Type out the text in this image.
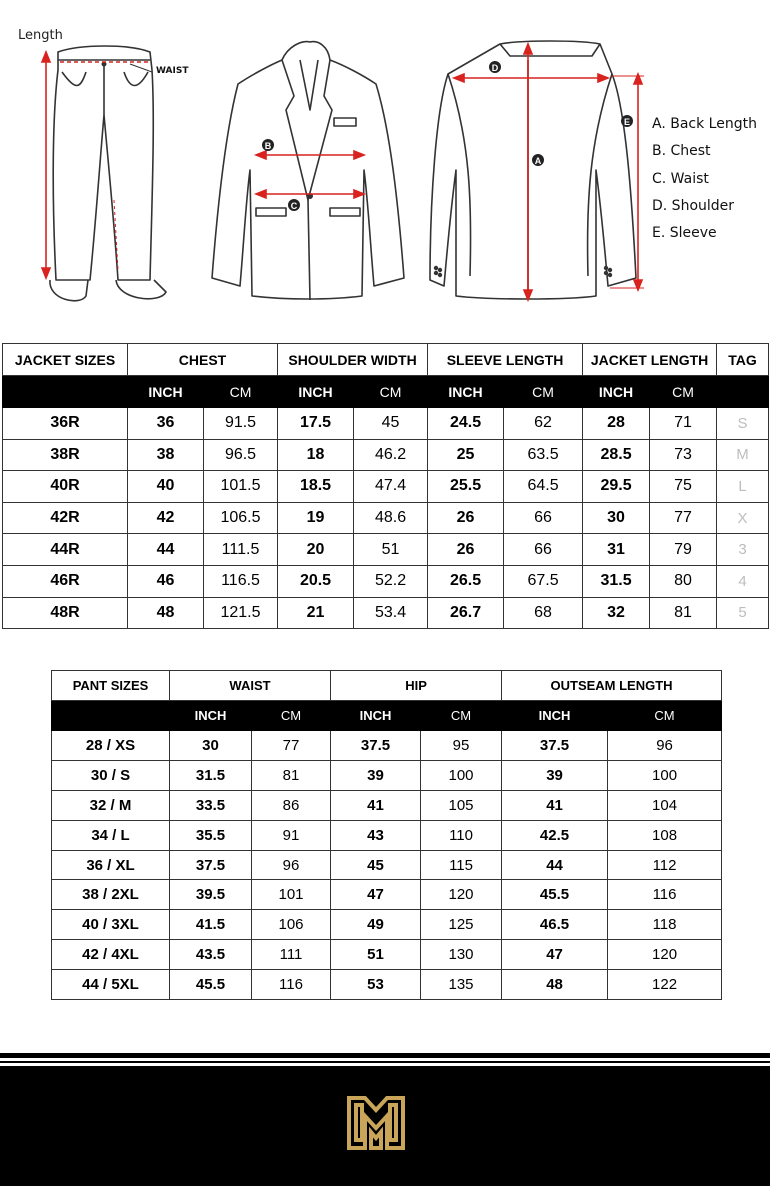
B
C
D
A
E
Length
WAIST
A. Back Length
B. Chest
C. Waist
D. Shoulder
E. Sleeve
JACKET SIZES	CHEST		SHOULDER WIDTH		SLEEVE LENGTH		JACKET LENGTH		TAG
	INCH	CM	INCH	CM	INCH	CM	INCH	CM	
36R	36	91.5	17.5	45	24.5	62	28	71	S
38R	38	96.5	18	46.2	25	63.5	28.5	73	M
40R	40	101.5	18.5	47.4	25.5	64.5	29.5	75	L
42R	42	106.5	19	48.6	26	66	30	77	X
44R	44	111.5	20	51	26	66	31	79	3
46R	46	116.5	20.5	52.2	26.5	67.5	31.5	80	4
48R	48	121.5	21	53.4	26.7	68	32	81	5
PANT SIZES	WAIST		HIP		OUTSEAM LENGTH	
	INCH	CM	INCH	CM	INCH	CM
28 / XS	30	77	37.5	95	37.5	96
30 / S	31.5	81	39	100	39	100
32 / M	33.5	86	41	105	41	104
34 / L	35.5	91	43	110	42.5	108
36 / XL	37.5	96	45	115	44	112
38 / 2XL	39.5	101	47	120	45.5	116
40 / 3XL	41.5	106	49	125	46.5	118
42 / 4XL	43.5	111	51	130	47	120
44 / 5XL	45.5	116	53	135	48	122
